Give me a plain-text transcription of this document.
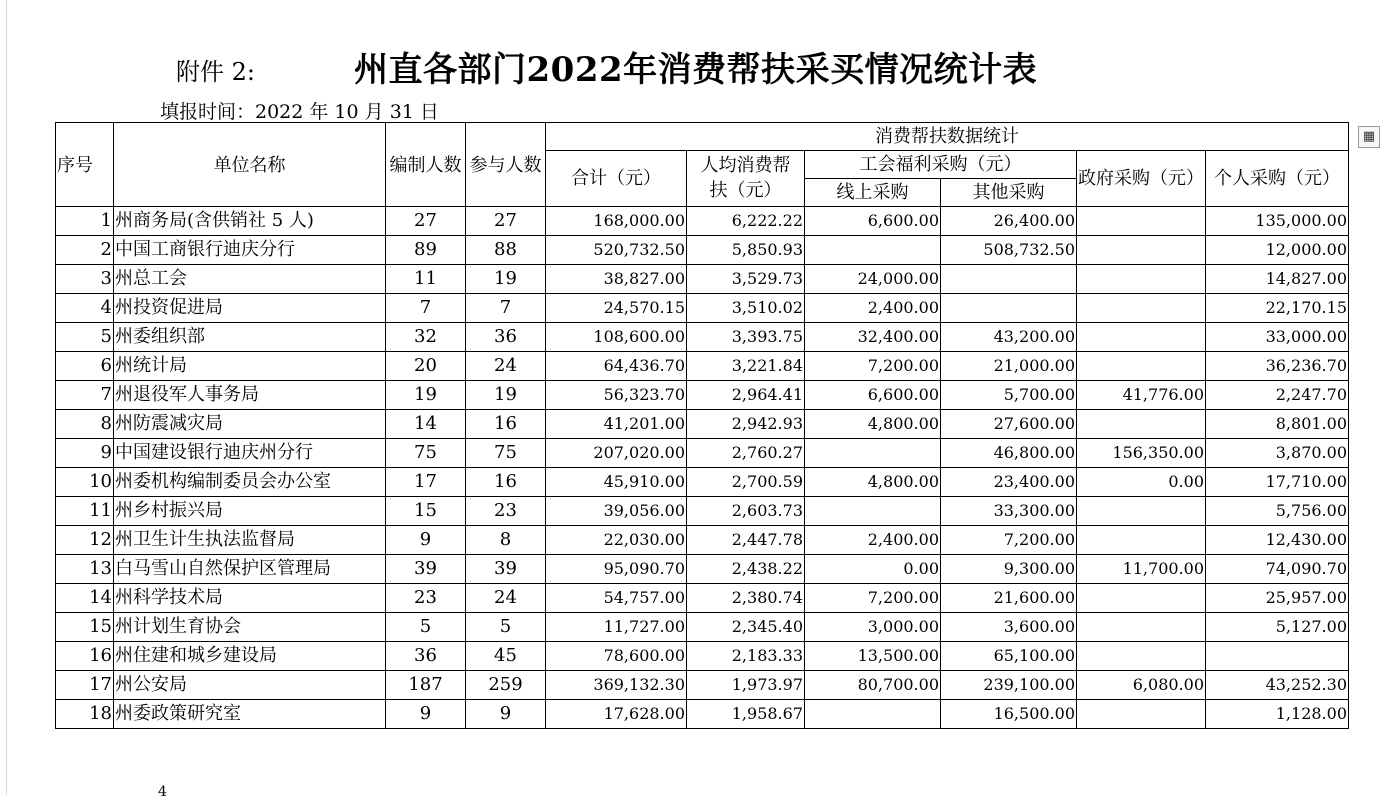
附件 2:	州直各部门2022年消费帮扶采买情况统计表
填报时间：2022 年 10 月 31 日
序号	单位名称	编制人数	参与人数	消费帮扶数据统计					
				合计（元）	人均消费帮
扶（元）	工会福利采购（元）		政府采购（元）	个人采购（元）
						线上采购	其他采购		
1	州商务局(含供销社 5 人)	27	27	168,000.00	6,222.22	6,600.00	26,400.00		135,000.00
2	中国工商银行迪庆分行	89	88	520,732.50	5,850.93		508,732.50		12,000.00
3	州总工会	11	19	38,827.00	3,529.73	24,000.00			14,827.00
4	州投资促进局	7	7	24,570.15	3,510.02	2,400.00			22,170.15
5	州委组织部	32	36	108,600.00	3,393.75	32,400.00	43,200.00		33,000.00
6	州统计局	20	24	64,436.70	3,221.84	7,200.00	21,000.00		36,236.70
7	州退役军人事务局	19	19	56,323.70	2,964.41	6,600.00	5,700.00	41,776.00	2,247.70
8	州防震减灾局	14	16	41,201.00	2,942.93	4,800.00	27,600.00		8,801.00
9	中国建设银行迪庆州分行	75	75	207,020.00	2,760.27		46,800.00	156,350.00	3,870.00
10	州委机构编制委员会办公室	17	16	45,910.00	2,700.59	4,800.00	23,400.00	0.00	17,710.00
11	州乡村振兴局	15	23	39,056.00	2,603.73		33,300.00		5,756.00
12	州卫生计生执法监督局	9	8	22,030.00	2,447.78	2,400.00	7,200.00		12,430.00
13	白马雪山自然保护区管理局	39	39	95,090.70	2,438.22	0.00	9,300.00	11,700.00	74,090.70
14	州科学技术局	23	24	54,757.00	2,380.74	7,200.00	21,600.00		25,957.00
15	州计划生育协会	5	5	11,727.00	2,345.40	3,000.00	3,600.00		5,127.00
16	州住建和城乡建设局	36	45	78,600.00	2,183.33	13,500.00	65,100.00		
17	州公安局	187	259	369,132.30	1,973.97	80,700.00	239,100.00	6,080.00	43,252.30
18	州委政策研究室	9	9	17,628.00	1,958.67		16,500.00		1,128.00
▦
4
